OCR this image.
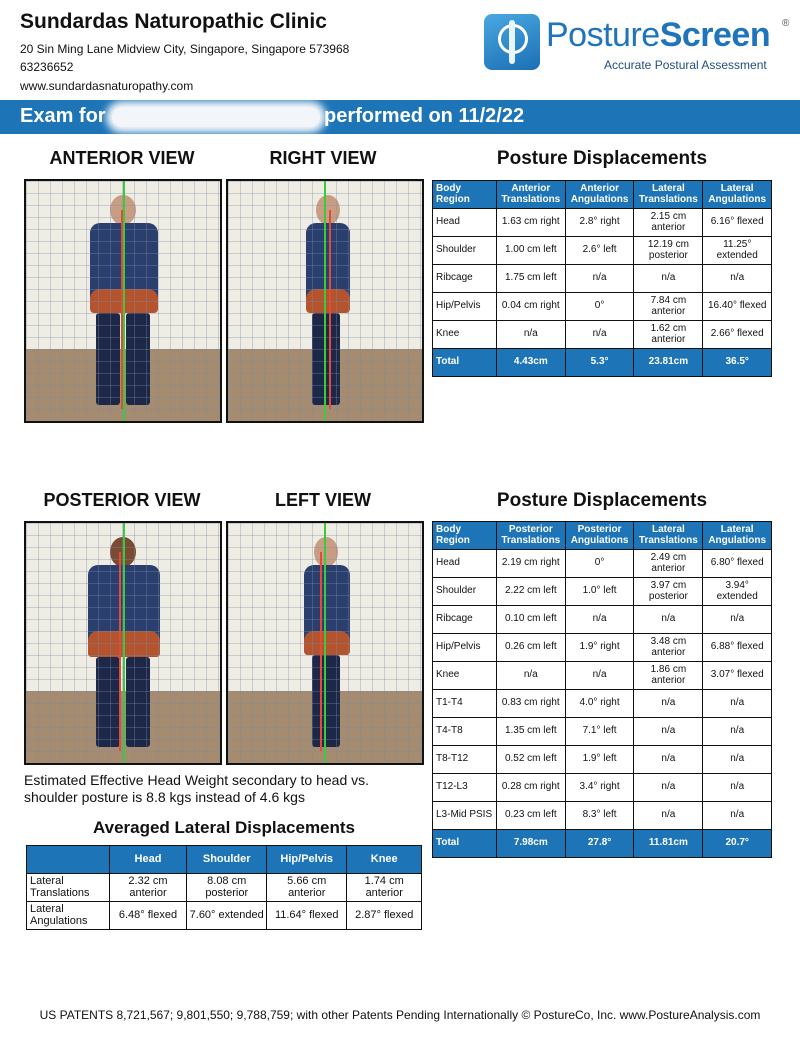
Sundardas Naturopathic Clinic
20 Sin Ming Lane Midview City, Singapore, Singapore 573968
63236652
www.sundardasnaturopathy.com
PostureScreen ®
Accurate Postural Assessment
Exam for	performed on 11/2/22
ANTERIOR VIEW	RIGHT VIEW	Posture Displacements
Body Region	Anterior Translations	Anterior Angulations	Lateral Translations	Lateral Angulations
Head	1.63 cm right	2.8° right	2.15 cm anterior	6.16° flexed
Shoulder	1.00 cm left	2.6° left	12.19 cm posterior	11.25° extended
Ribcage	1.75 cm left	n/a	n/a	n/a
Hip/Pelvis	0.04 cm right	0°	7.84 cm anterior	16.40° flexed
Knee	n/a	n/a	1.62 cm anterior	2.66° flexed
Total	4.43cm	5.3°	23.81cm	36.5°
POSTERIOR VIEW	LEFT VIEW
Estimated Effective Head Weight secondary to head vs. shoulder posture is 8.8 kgs instead of 4.6 kgs
Averaged Lateral Displacements
	Head	Shoulder	Hip/Pelvis	Knee
Lateral Translations	2.32 cm anterior	8.08 cm posterior	5.66 cm anterior	1.74 cm anterior
Lateral Angulations	6.48° flexed	7.60° extended	11.64° flexed	2.87° flexed
Posture Displacements
Body Region	Posterior Translations	Posterior Angulations	Lateral Translations	Lateral Angulations
Head	2.19 cm right	0°	2.49 cm anterior	6.80° flexed
Shoulder	2.22 cm left	1.0° left	3.97 cm posterior	3.94° extended
Ribcage	0.10 cm left	n/a	n/a	n/a
Hip/Pelvis	0.26 cm left	1.9° right	3.48 cm anterior	6.88° flexed
Knee	n/a	n/a	1.86 cm anterior	3.07° flexed
T1-T4	0.83 cm right	4.0° right	n/a	n/a
T4-T8	1.35 cm left	7.1° left	n/a	n/a
T8-T12	0.52 cm left	1.9° left	n/a	n/a
T12-L3	0.28 cm right	3.4° right	n/a	n/a
L3-Mid PSIS	0.23 cm left	8.3° left	n/a	n/a
Total	7.98cm	27.8°	11.81cm	20.7°
US PATENTS 8,721,567; 9,801,550; 9,788,759; with other Patents Pending Internationally © PostureCo, Inc. www.PostureAnalysis.com
